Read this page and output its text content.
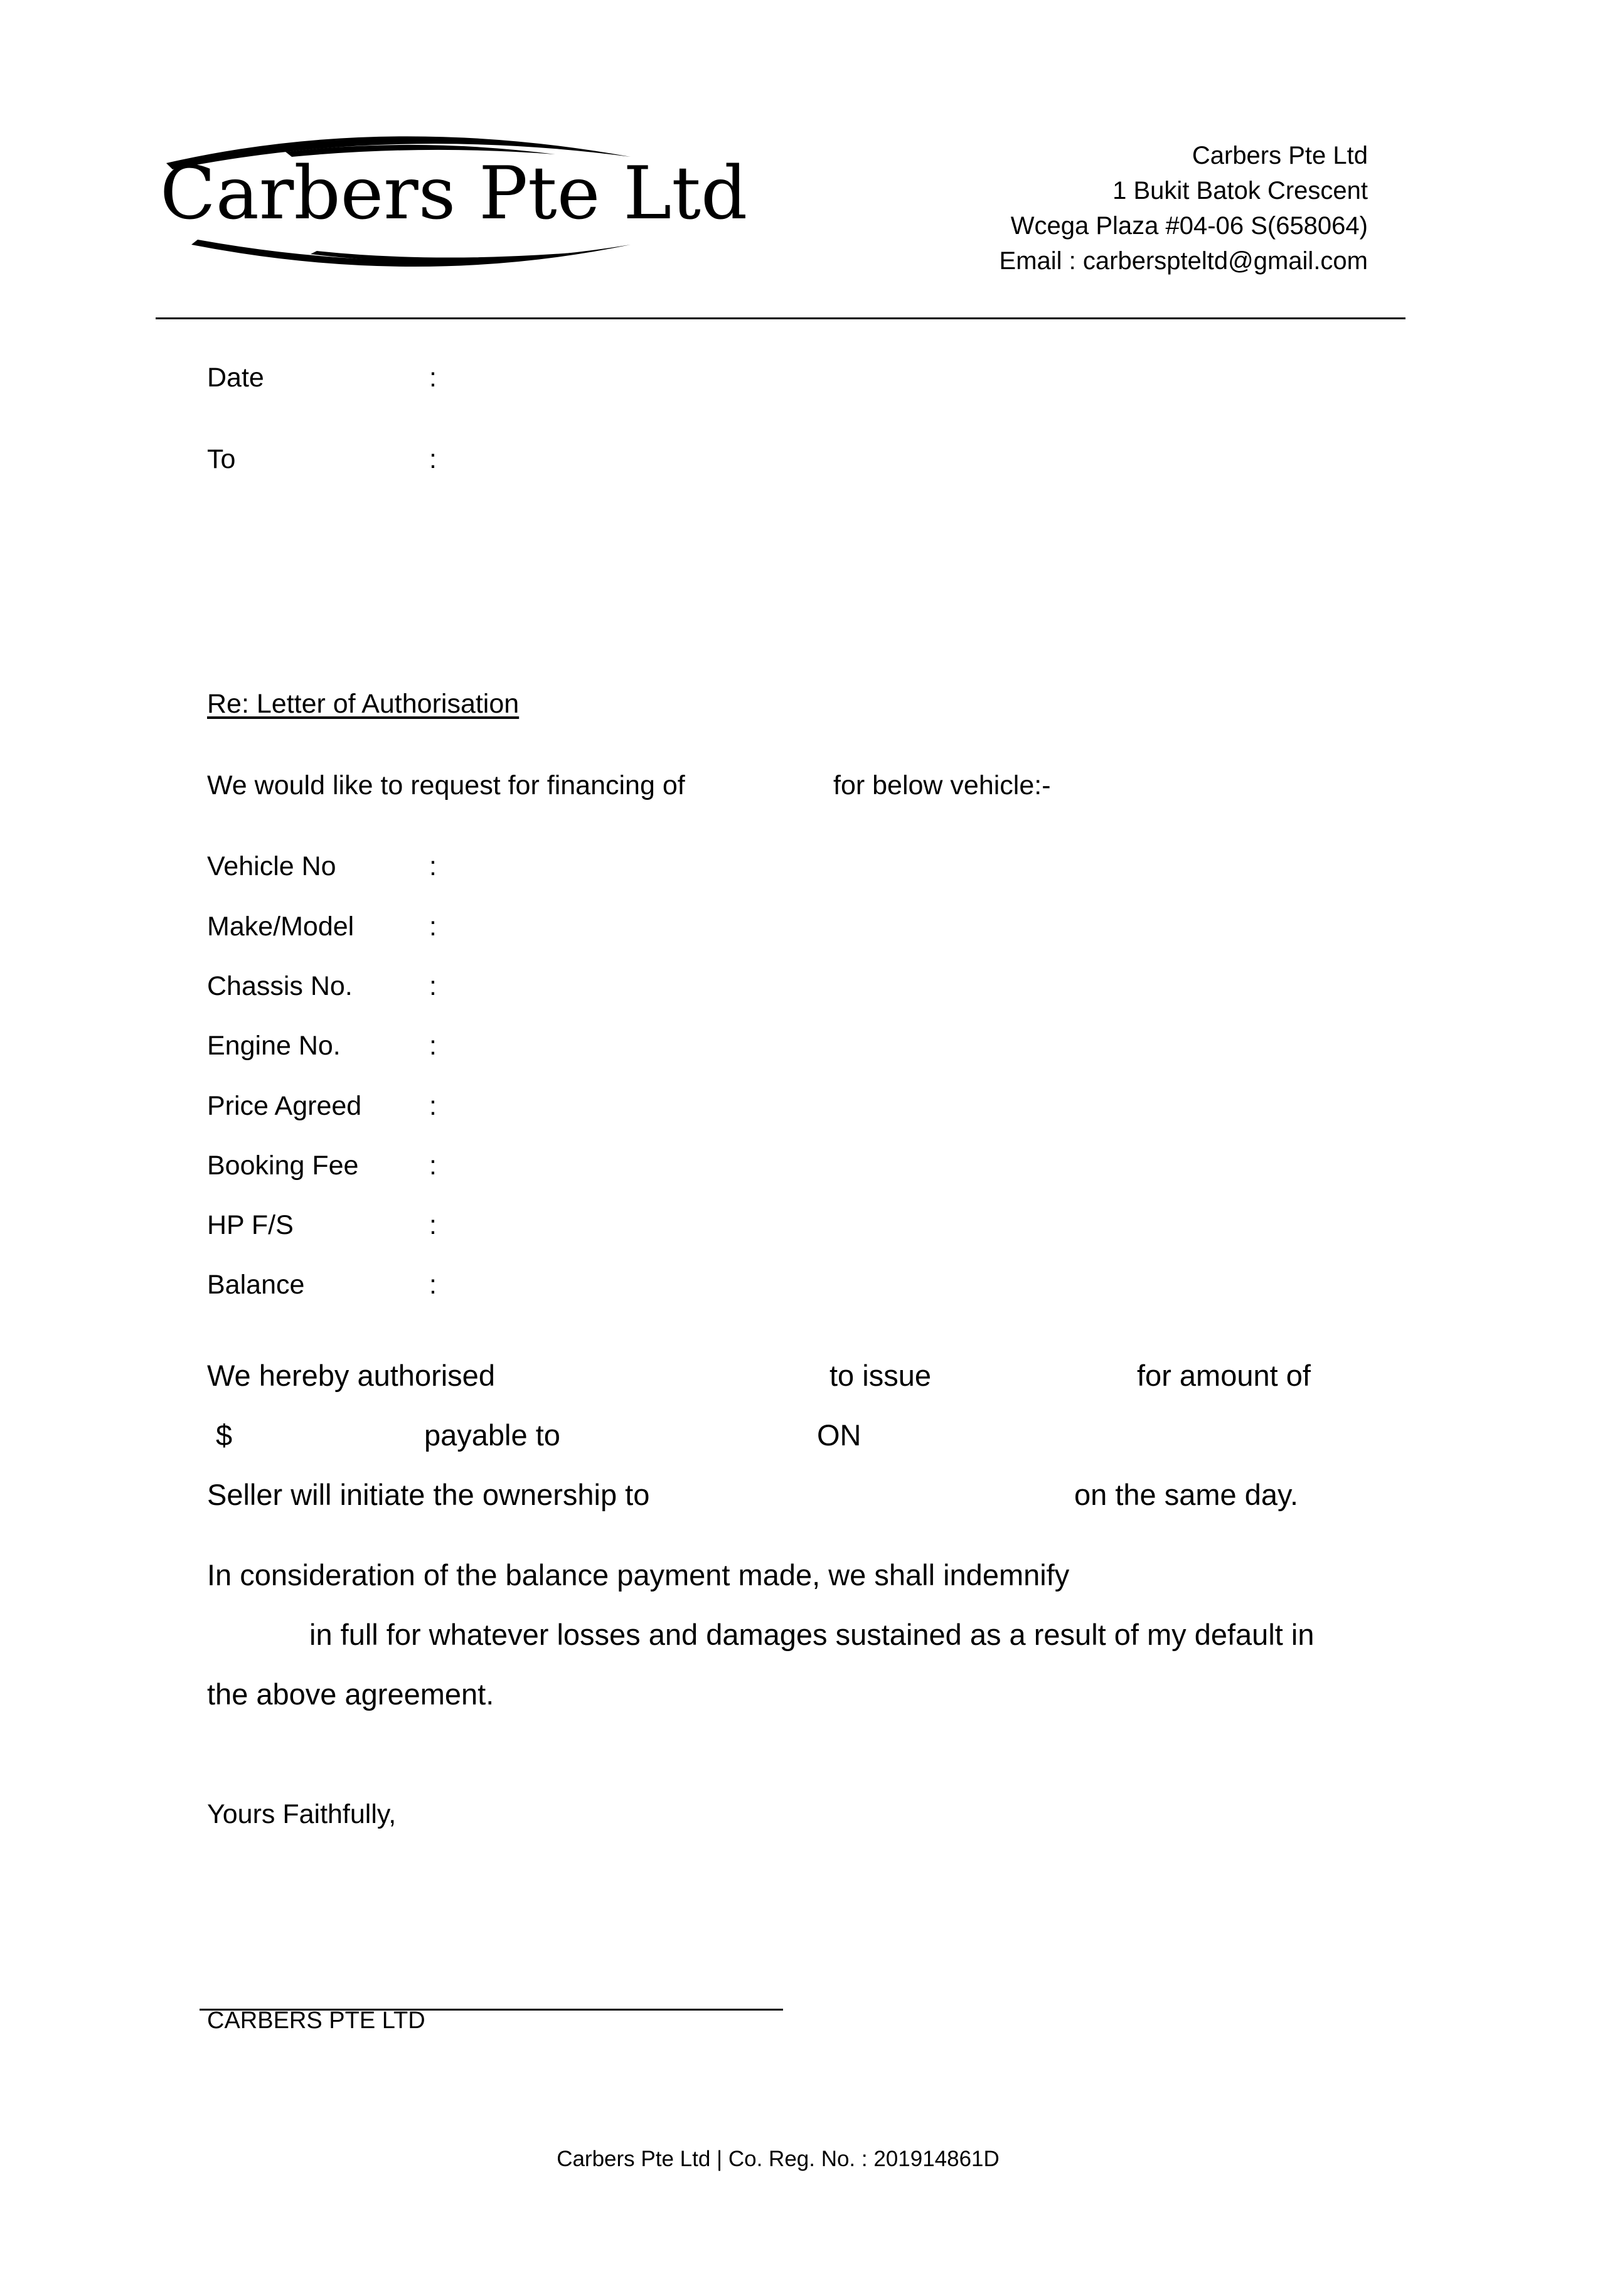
Carbers Pte Ltd	Carbers Pte Ltd
1 Bukit Batok Crescent
Wcega Plaza #04-06 S(658064)
Email : carberspteltd@gmail.com

Date	:

To	:

Re: Letter of Authorisation

We would like to request for financing of	for below vehicle:-

Vehicle No	:

Make/Model	:

Chassis No.	:

Engine No.	:

Price Agreed	:

Booking Fee	:

HP F/S	:

Balance	:

We hereby authorised	to issue	for amount of

$	payable to	ON

Seller will initiate the ownership to	on the same day.

In consideration of the balance payment made, we shall indemnify

in full for whatever losses and damages sustained as a result of my default in

the above agreement.

Yours Faithfully,

CARBERS PTE LTD

Carbers Pte Ltd | Co. Reg. No. : 201914861D
